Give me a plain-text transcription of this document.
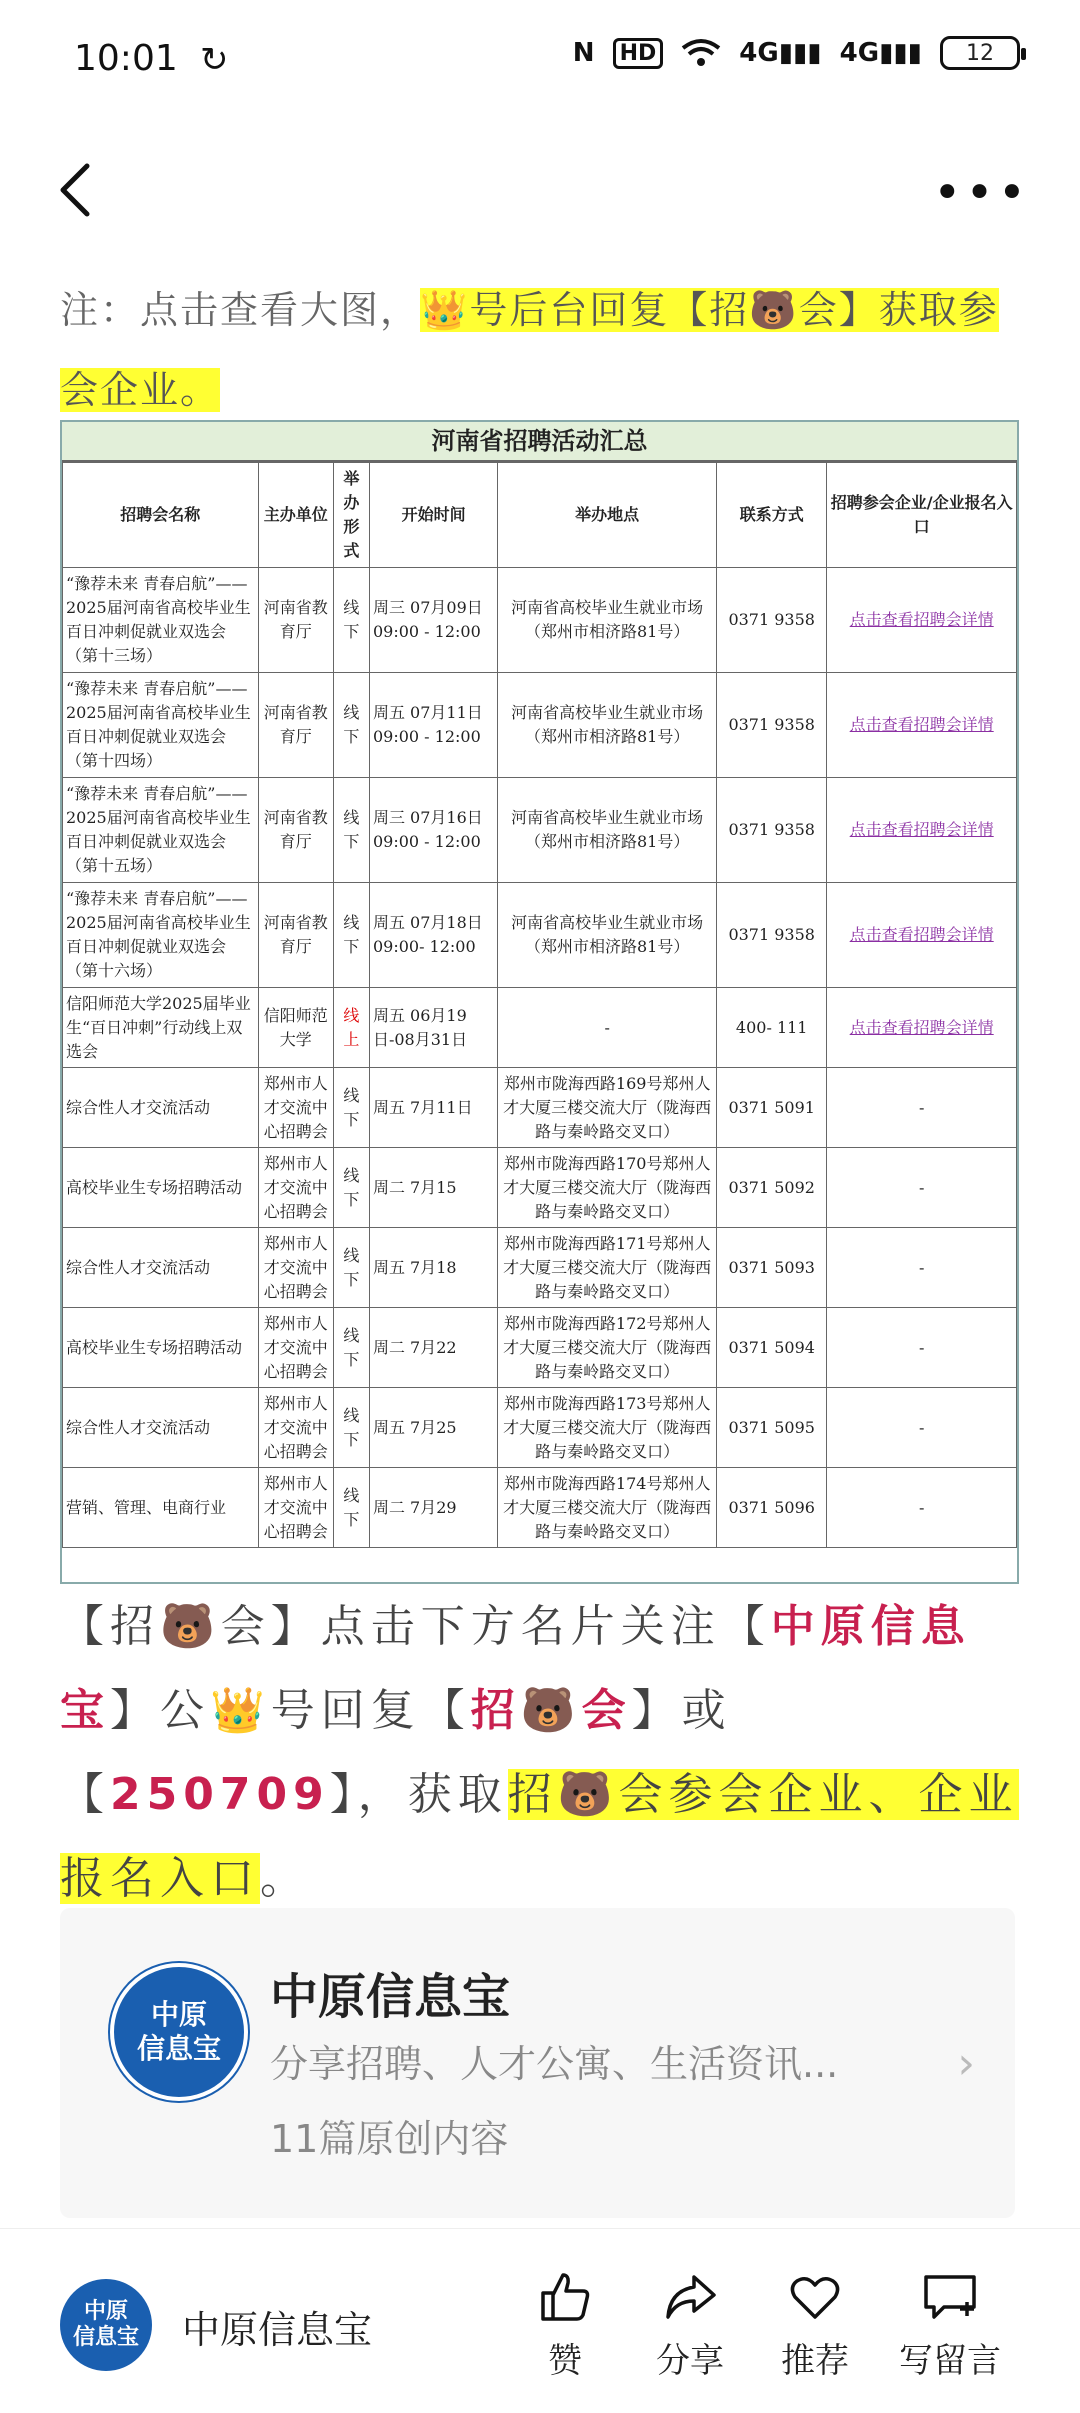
10:01 ↻	N	HD	4G▮▮▮ 4G▮▮▮ 12
•••
注：点击查看大图，👑号后台回复【招🐻会】获取参会企业。
河南省招聘活动汇总
招聘会名称	主办单位	举办形式	开始时间	举办地点	联系方式	招聘参会企业/企业报名入口
“豫荐未来 青春启航”——2025届河南省高校毕业生百日冲刺促就业双选会（第十三场）	河南省教育厅	线下	周三 07月09日 09:00 - 12:00	河南省高校毕业生就业市场（郑州市相济路81号）	0371 9358	点击查看招聘会详情
“豫荐未来 青春启航”——2025届河南省高校毕业生百日冲刺促就业双选会（第十四场）	河南省教育厅	线下	周五 07月11日 09:00 - 12:00	河南省高校毕业生就业市场（郑州市相济路81号）	0371 9358	点击查看招聘会详情
“豫荐未来 青春启航”——2025届河南省高校毕业生百日冲刺促就业双选会（第十五场）	河南省教育厅	线下	周三 07月16日 09:00 - 12:00	河南省高校毕业生就业市场（郑州市相济路81号）	0371 9358	点击查看招聘会详情
“豫荐未来 青春启航”——2025届河南省高校毕业生百日冲刺促就业双选会（第十六场）	河南省教育厅	线下	周五 07月18日 09:00- 12:00	河南省高校毕业生就业市场（郑州市相济路81号）	0371 9358	点击查看招聘会详情
信阳师范大学2025届毕业生“百日冲刺”行动线上双选会	信阳师范大学	线上	周五 06月19日-08月31日	-	400- 111	点击查看招聘会详情
综合性人才交流活动	郑州市人才交流中心招聘会	线下	周五 7月11日	郑州市陇海西路169号郑州人才大厦三楼交流大厅（陇海西路与秦岭路交叉口）	0371 5091	-
高校毕业生专场招聘活动	郑州市人才交流中心招聘会	线下	周二 7月15	郑州市陇海西路170号郑州人才大厦三楼交流大厅（陇海西路与秦岭路交叉口）	0371 5092	-
综合性人才交流活动	郑州市人才交流中心招聘会	线下	周五 7月18	郑州市陇海西路171号郑州人才大厦三楼交流大厅（陇海西路与秦岭路交叉口）	0371 5093	-
高校毕业生专场招聘活动	郑州市人才交流中心招聘会	线下	周二 7月22	郑州市陇海西路172号郑州人才大厦三楼交流大厅（陇海西路与秦岭路交叉口）	0371 5094	-
综合性人才交流活动	郑州市人才交流中心招聘会	线下	周五 7月25	郑州市陇海西路173号郑州人才大厦三楼交流大厅（陇海西路与秦岭路交叉口）	0371 5095	-
营销、管理、电商行业	郑州市人才交流中心招聘会	线下	周二 7月29	郑州市陇海西路174号郑州人才大厦三楼交流大厅（陇海西路与秦岭路交叉口）	0371 5096	-
【招🐻会】点击下方名片关注【中原信息宝】公👑号回复【招🐻会】或【250709】，获取招🐻会参会企业、企业报名入口。
中原
信息宝
中原信息宝
分享招聘、人才公寓、生活资讯...
11篇原创内容
›
中原
信息宝 中原信息宝
赞	分享	推荐	写留言
